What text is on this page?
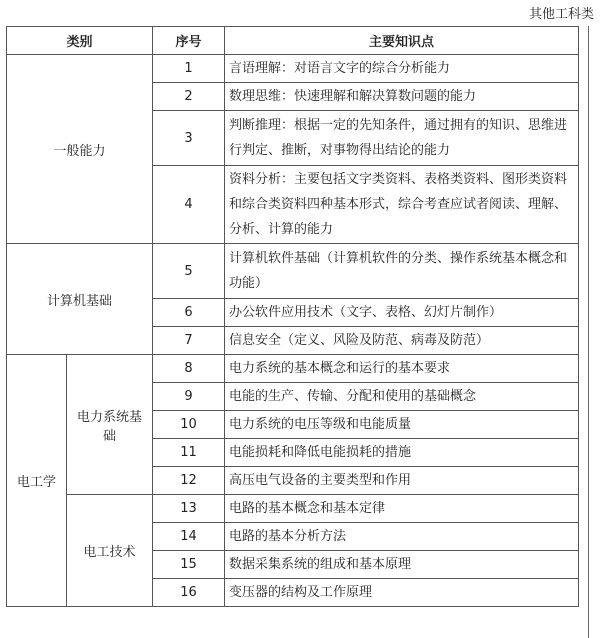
其他工科类
类别		序号	主要知识点
一般能力		1	言语理解：对语言文字的综合分析能力
		2	数理思维：快速理解和解决算数问题的能力
		3	判断推理：根据一定的先知条件，通过拥有的知识、思维进行判定、推断，对事物得出结论的能力
		4	资料分析：主要包括文字类资料、表格类资料、图形类资料和综合类资料四种基本形式，综合考查应试者阅读、理解、分析、计算的能力
计算机基础		5	计算机软件基础（计算机软件的分类、操作系统基本概念和功能）
		6	办公软件应用技术（文字、表格、幻灯片制作）
		7	信息安全（定义、风险及防范、病毒及防范）
电工学	电力系统基础	8	电力系统的基本概念和运行的基本要求
		9	电能的生产、传输、分配和使用的基础概念
		10	电力系统的电压等级和电能质量
		11	电能损耗和降低电能损耗的措施
		12	高压电气设备的主要类型和作用
	电工技术	13	电路的基本概念和基本定律
		14	电路的基本分析方法
		15	数据采集系统的组成和基本原理
		16	变压器的结构及工作原理
